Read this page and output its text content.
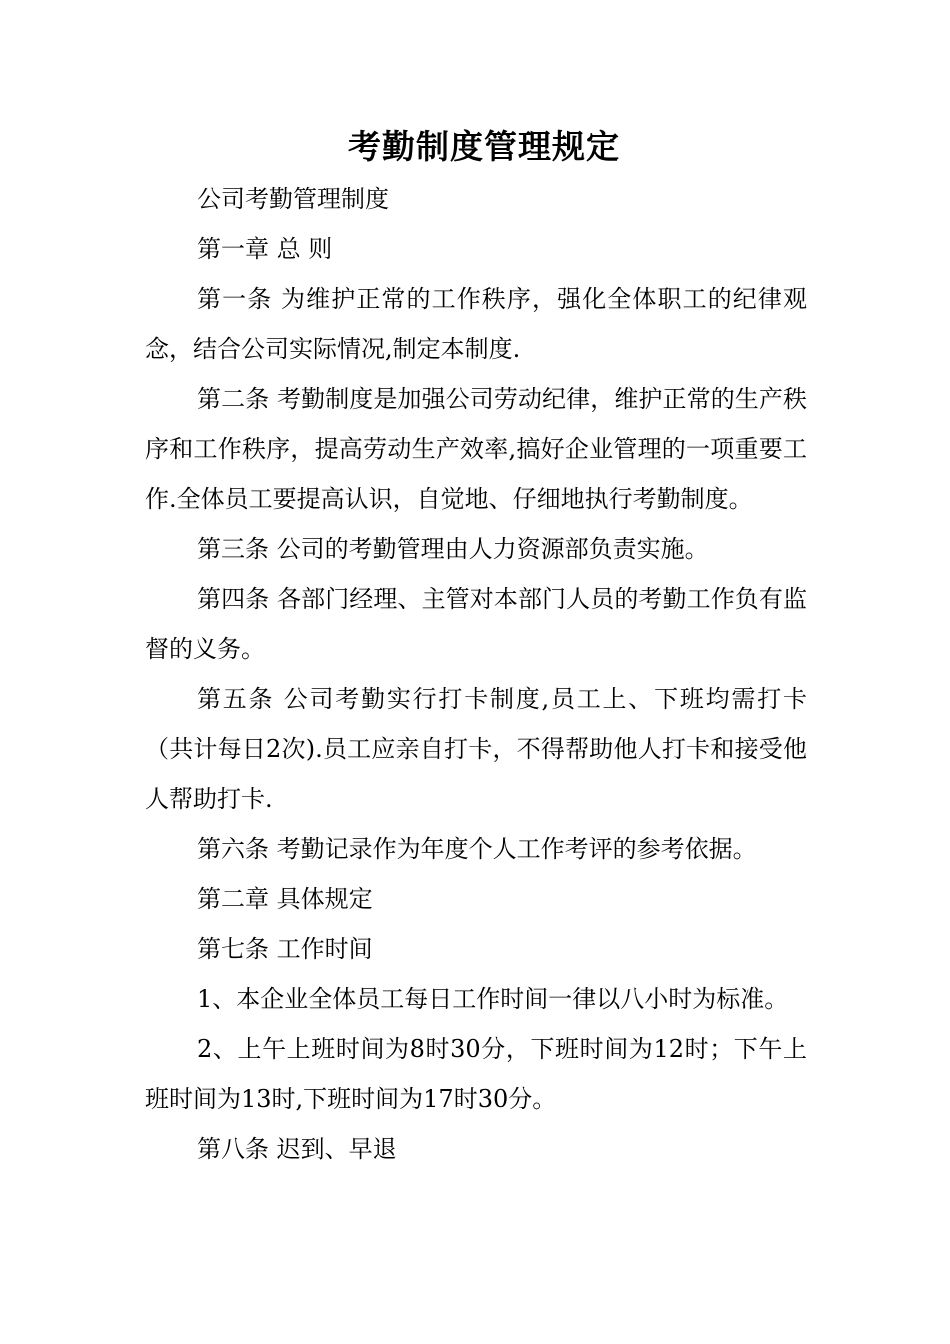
考勤制度管理规定

公司考勤管理制度

第一章 总 则

第一条 为维护正常的工作秩序，强化全体职工的纪律观念，结合公司实际情况,制定本制度.

第二条 考勤制度是加强公司劳动纪律，维护正常的生产秩序和工作秩序，提高劳动生产效率,搞好企业管理的一项重要工作.全体员工要提高认识，自觉地、仔细地执行考勤制度。

第三条 公司的考勤管理由人力资源部负责实施。

第四条 各部门经理、主管对本部门人员的考勤工作负有监督的义务。

第五条 公司考勤实行打卡制度,员工上、下班均需打卡（共计每日2次).员工应亲自打卡，不得帮助他人打卡和接受他人帮助打卡.

第六条 考勤记录作为年度个人工作考评的参考依据。

第二章 具体规定

第七条 工作时间

1、本企业全体员工每日工作时间一律以八小时为标准。

2、上午上班时间为8时30分，下班时间为12时；下午上班时间为13时,下班时间为17时30分。

第八条 迟到、早退
